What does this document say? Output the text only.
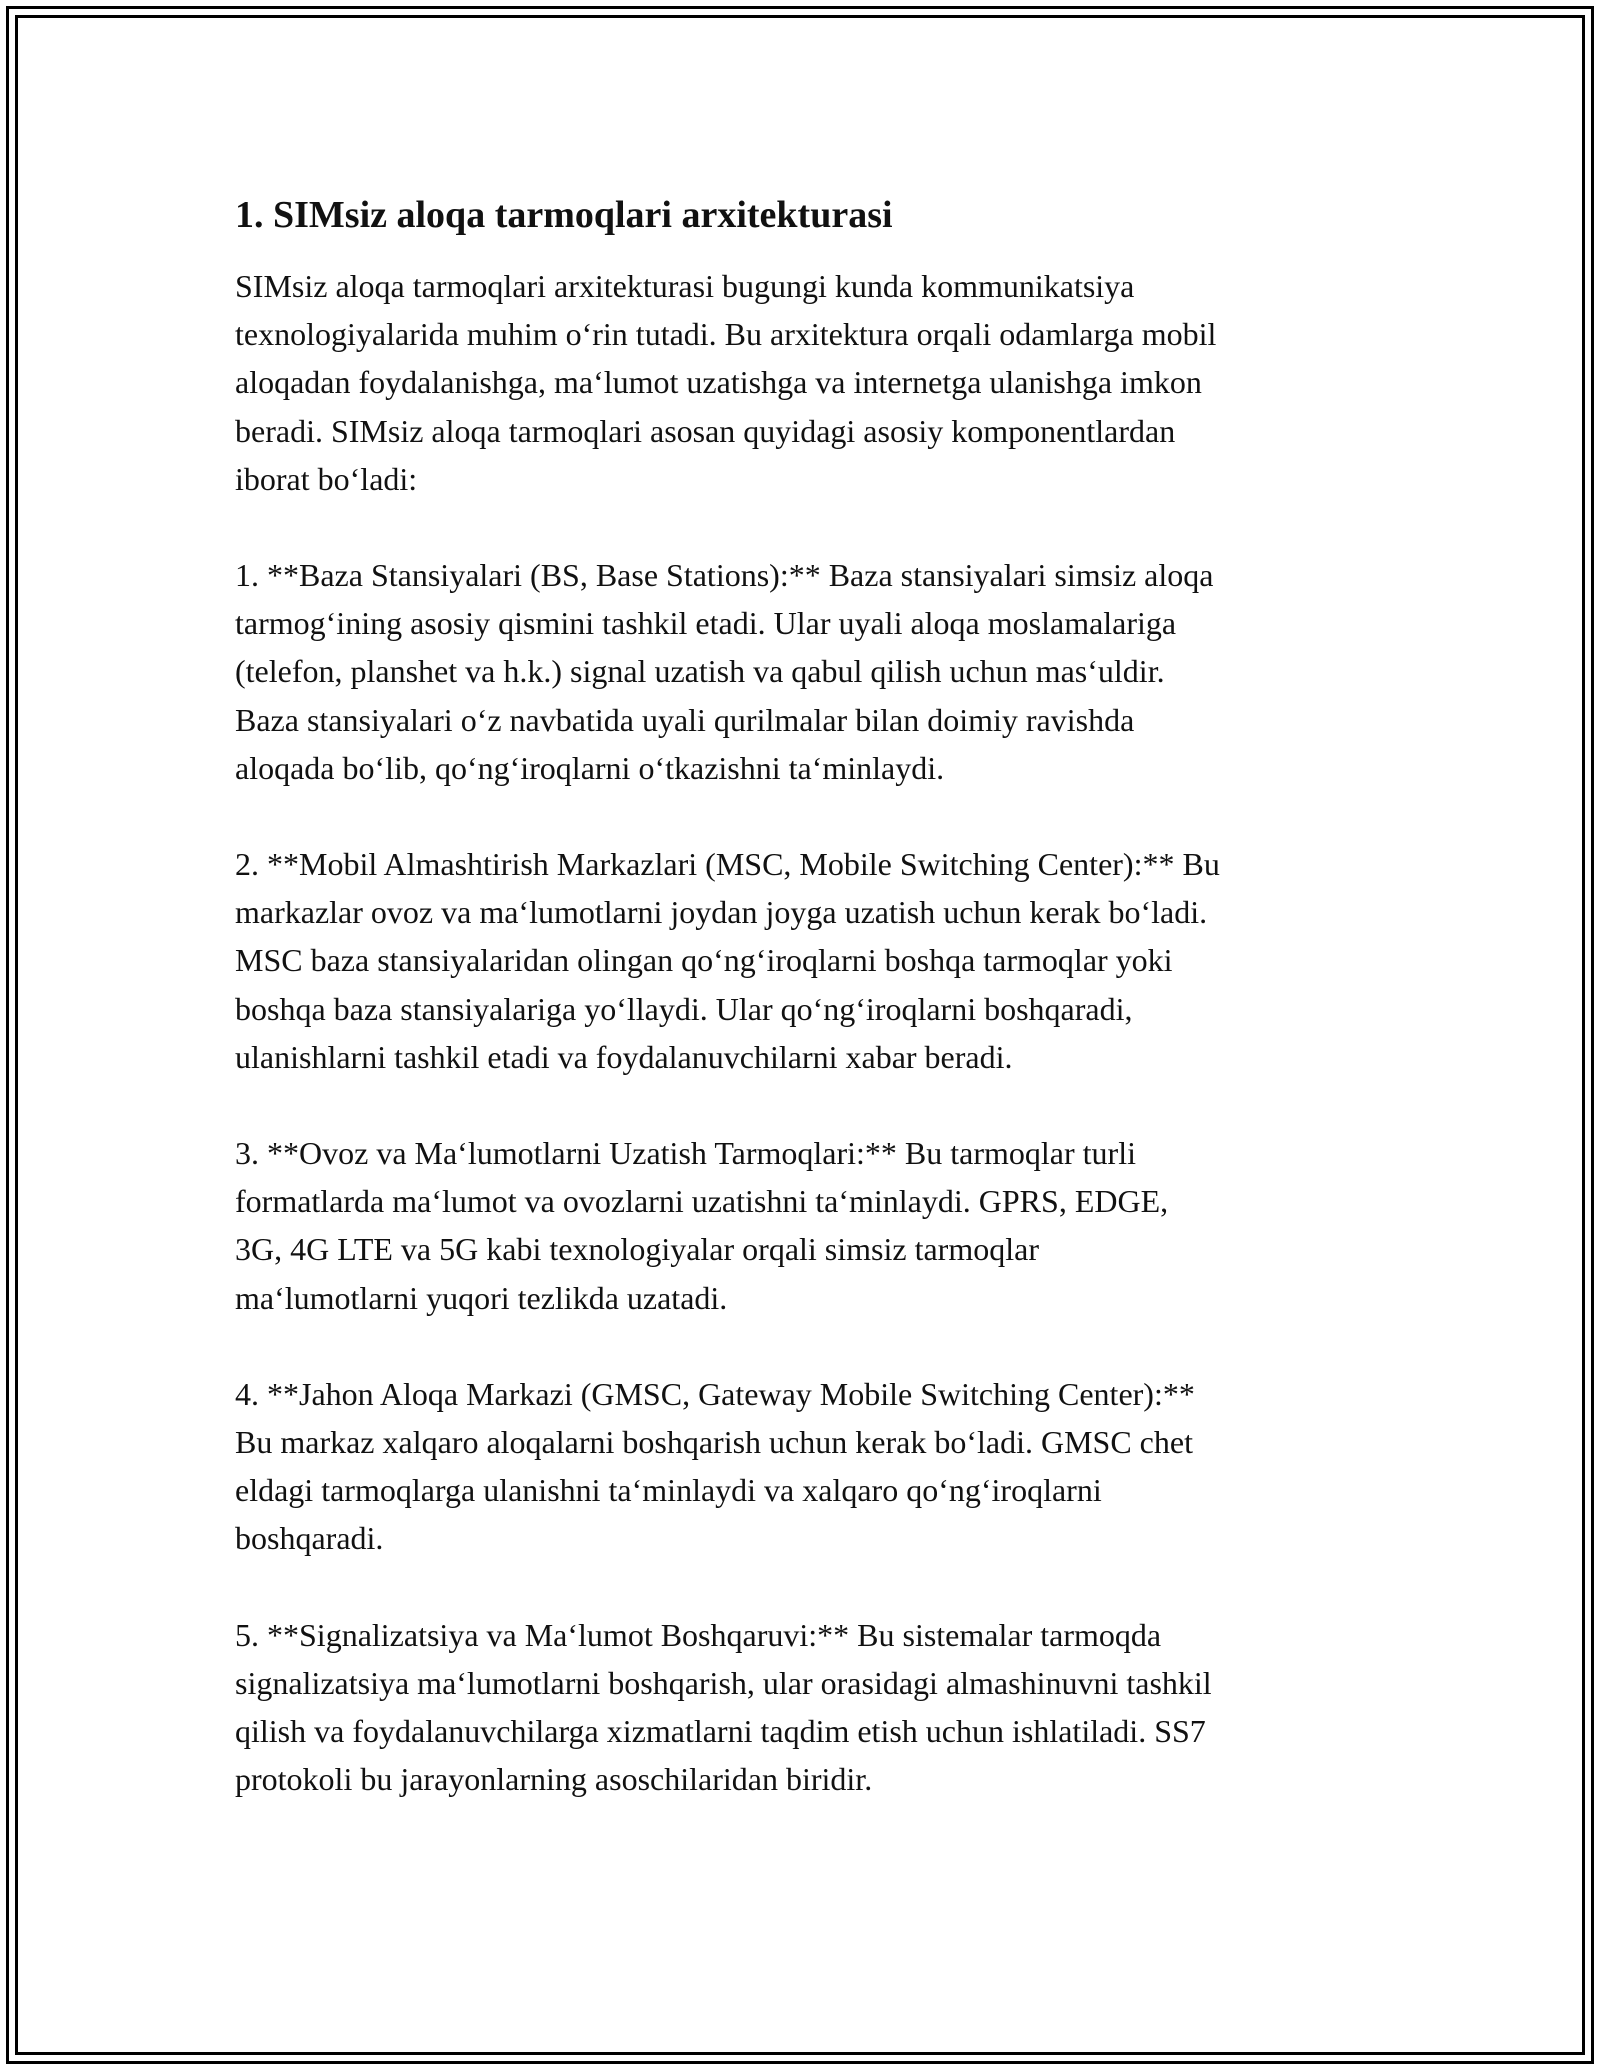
1. SIMsiz aloqa tarmoqlari arxitekturasi

SIMsiz aloqa tarmoqlari arxitekturasi bugungi kunda kommunikatsiya
texnologiyalarida muhim oʻrin tutadi. Bu arxitektura orqali odamlarga mobil
aloqadan foydalanishga, maʻlumot uzatishga va internetga ulanishga imkon
beradi. SIMsiz aloqa tarmoqlari asosan quyidagi asosiy komponentlardan
iborat boʻladi:

1. **Baza Stansiyalari (BS, Base Stations):** Baza stansiyalari simsiz aloqa
tarmogʻining asosiy qismini tashkil etadi. Ular uyali aloqa moslamalariga
(telefon, planshet va h.k.) signal uzatish va qabul qilish uchun masʻuldir.
Baza stansiyalari oʻz navbatida uyali qurilmalar bilan doimiy ravishda
aloqada boʻlib, qoʻngʻiroqlarni oʻtkazishni taʻminlaydi.

2. **Mobil Almashtirish Markazlari (MSC, Mobile Switching Center):** Bu
markazlar ovoz va maʻlumotlarni joydan joyga uzatish uchun kerak boʻladi.
MSC baza stansiyalaridan olingan qoʻngʻiroqlarni boshqa tarmoqlar yoki
boshqa baza stansiyalariga yoʻllaydi. Ular qoʻngʻiroqlarni boshqaradi,
ulanishlarni tashkil etadi va foydalanuvchilarni xabar beradi.

3. **Ovoz va Maʻlumotlarni Uzatish Tarmoqlari:** Bu tarmoqlar turli
formatlarda maʻlumot va ovozlarni uzatishni taʻminlaydi. GPRS, EDGE,
3G, 4G LTE va 5G kabi texnologiyalar orqali simsiz tarmoqlar
maʻlumotlarni yuqori tezlikda uzatadi.

4. **Jahon Aloqa Markazi (GMSC, Gateway Mobile Switching Center):**
Bu markaz xalqaro aloqalarni boshqarish uchun kerak boʻladi. GMSC chet
eldagi tarmoqlarga ulanishni taʻminlaydi va xalqaro qoʻngʻiroqlarni
boshqaradi.

5. **Signalizatsiya va Maʻlumot Boshqaruvi:** Bu sistemalar tarmoqda
signalizatsiya maʻlumotlarni boshqarish, ular orasidagi almashinuvni tashkil
qilish va foydalanuvchilarga xizmatlarni taqdim etish uchun ishlatiladi. SS7
protokoli bu jarayonlarning asoschilaridan biridir.
